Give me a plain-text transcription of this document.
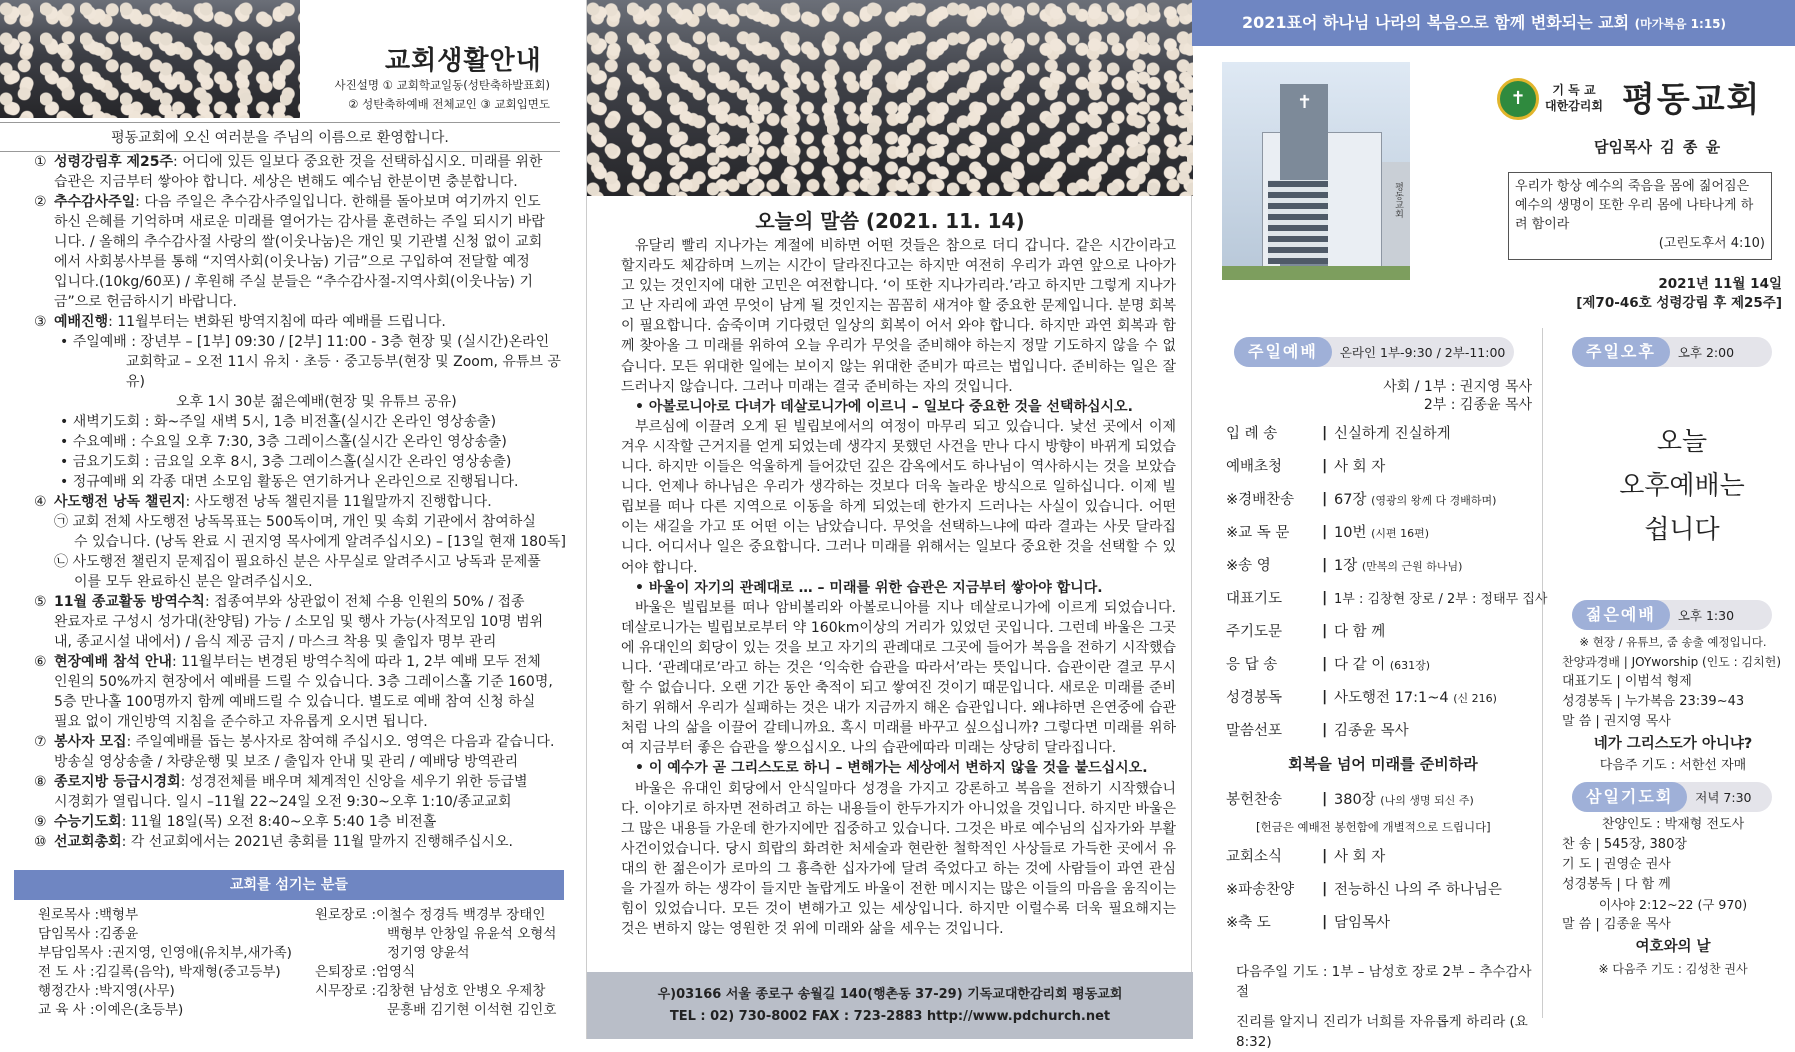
교회생활안내
사진설명 ① 교회학교일동(성탄축하발표회)
② 성탄축하예배 전체교인 ③ 교회입면도
평동교회에 오신 여러분을 주님의 이름으로 환영합니다.
① 성령강림후 제25주: 어디에 있든 일보다 중요한 것을 선택하십시오. 미래를 위한
습관은 지금부터 쌓아야 합니다. 세상은 변해도 예수님 한분이면 충분합니다.
② 추수감사주일: 다음 주일은 추수감사주일입니다. 한해를 돌아보며 여기까지 인도
하신 은혜를 기억하며 새로운 미래를 열어가는 감사를 훈련하는 주일 되시기 바랍
니다. / 올해의 추수감사절 사랑의 쌀(이웃나눔)은 개인 및 기관별 신청 없이 교회
에서 사회봉사부를 통해 “지역사회(이웃나눔) 기금”으로 구입하여 전달할 예정
입니다.(10kg/60포) / 후원해 주실 분들은 “추수감사절-지역사회(이웃나눔) 기
금”으로 헌금하시기 바랍니다.
③ 예배진행: 11월부터는 변화된 방역지침에 따라 예배를 드립니다.
• 주일예배 : 장년부 – [1부] 09:30 / [2부] 11:00 - 3층 현장 및 (실시간)온라인
교회학교 – 오전 11시 유치 · 초등 · 중고등부(현장 및 Zoom, 유튜브 공유)
오후 1시 30분 젊은예배(현장 및 유튜브 공유)
• 새벽기도회 : 화~주일 새벽 5시, 1층 비전홀(실시간 온라인 영상송출)
• 수요예배 : 수요일 오후 7:30, 3층 그레이스홀(실시간 온라인 영상송출)
• 금요기도회 : 금요일 오후 8시, 3층 그레이스홀(실시간 온라인 영상송출)
• 정규예배 외 각종 대면 소모임 활동은 연기하거나 온라인으로 진행됩니다.
④ 사도행전 낭독 챌린지: 사도행전 낭독 챌린지를 11월말까지 진행합니다.
㉠ 교회 전체 사도행전 낭독목표는 500독이며, 개인 및 속회 기관에서 참여하실
수 있습니다. (낭독 완료 시 권지영 목사에게 알려주십시오) – [13일 현재 180독]
㉡ 사도행전 챌린지 문제집이 필요하신 분은 사무실로 알려주시고 낭독과 문제풀
이를 모두 완료하신 분은 알려주십시오.
⑤ 11월 종교활동 방역수칙: 접종여부와 상관없이 전체 수용 인원의 50% / 접종
완료자로 구성시 성가대(찬양팀) 가능 / 소모임 및 행사 가능(사적모임 10명 범위
내, 종교시설 내에서) / 음식 제공 금지 / 마스크 착용 및 출입자 명부 관리
⑥ 현장예배 참석 안내: 11월부터는 변경된 방역수칙에 따라 1, 2부 예배 모두 전체
인원의 50%까지 현장에서 예배를 드릴 수 있습니다. 3층 그레이스홀 기준 160명,
5층 만나홀 100명까지 함께 예배드릴 수 있습니다. 별도로 예배 참여 신청 하실
필요 없이 개인방역 지침을 준수하고 자유롭게 오시면 됩니다.
⑦ 봉사자 모집: 주일예배를 돕는 봉사자로 참여해 주십시오. 영역은 다음과 같습니다.
방송실 영상송출 / 차량운행 및 보조 / 출입자 안내 및 관리 / 예배당 방역관리
⑧ 종로지방 등급시경회: 성경전체를 배우며 체계적인 신앙을 세우기 위한 등급별
시경회가 열립니다. 일시 –11월 22~24일 오전 9:30~오후 1:10/종교교회
⑨ 수능기도회: 11월 18일(목) 오전 8:40~오후 5:40 1층 비전홀
⑩ 선교회총회: 각 선교회에서는 2021년 총회를 11월 말까지 진행해주십시오.
교회를 섬기는 분들
원로목사 : 백형부
담임목사 : 김종윤
부담임목사 : 권지영, 인영애(유치부,새가족)
전 도 사 : 김길록(음악), 박재형(중고등부)
행정간사 : 박지영(사무)
교 육 사 : 이예은(초등부)
원로장로 : 이철수 정경득 백경부 장태인
백형부 안창일 유윤석 오형석
정기영 양윤석
은퇴장로 : 엄영식
시무장로 : 김창현 남성호 안병오 우제창
문흥배 김기현 이석현 김인호
오늘의 말씀 (2021. 11. 14)

유달리 빨리 지나가는 계절에 비하면 어떤 것들은 참으로 더디 갑니다. 같은 시간이라고 할지라도 체감하며 느끼는 시간이 달라진다고는 하지만 여전히 우리가 과연 앞으로 나아가고 있는 것인지에 대한 고민은 여전합니다. ‘이 또한 지나가리라.’라고 하지만 그렇게 지나가고 난 자리에 과연 무엇이 남게 될 것인지는 꼼꼼히 새겨야 할 중요한 문제입니다. 분명 회복이 필요합니다. 숨죽이며 기다렸던 일상의 회복이 어서 와야 합니다. 하지만 과연 회복과 함께 찾아올 그 미래를 위하여 오늘 우리가 무엇을 준비해야 하는지 정말 기도하지 않을 수 없습니다. 모든 위대한 일에는 보이지 않는 위대한 준비가 따르는 법입니다. 준비하는 일은 잘 드러나지 않습니다. 그러나 미래는 결국 준비하는 자의 것입니다.

• 아볼로니아로 다녀가 데살로니가에 이르니 – 일보다 중요한 것을 선택하십시오.

부르심에 이끌려 오게 된 빌립보에서의 여정이 마무리 되고 있습니다. 낯선 곳에서 이제 겨우 시작할 근거지를 얻게 되었는데 생각지 못했던 사건을 만나 다시 방향이 바뀌게 되었습니다. 하지만 이들은 억울하게 들어갔던 깊은 감옥에서도 하나님이 역사하시는 것을 보았습니다. 언제나 하나님은 우리가 생각하는 것보다 더욱 놀라운 방식으로 일하십니다. 이제 빌립보를 떠나 다른 지역으로 이동을 하게 되었는데 한가지 드러나는 사실이 있습니다. 어떤 이는 새길을 가고 또 어떤 이는 남았습니다. 무엇을 선택하느냐에 따라 결과는 사뭇 달라집니다. 어디서나 일은 중요합니다. 그러나 미래를 위해서는 일보다 중요한 것을 선택할 수 있어야 합니다.

• 바울이 자기의 관례대로 … – 미래를 위한 습관은 지금부터 쌓아야 합니다.

바울은 빌립보를 떠나 암비볼리와 아볼로니아를 지나 데살로니가에 이르게 되었습니다. 데살로니가는 빌립보로부터 약 160km이상의 거리가 있었던 곳입니다. 그런데 바울은 그곳에 유대인의 회당이 있는 것을 보고 자기의 관례대로 그곳에 들어가 복음을 전하기 시작했습니다. ‘관례대로’라고 하는 것은 ‘익숙한 습관을 따라서’라는 뜻입니다. 습관이란 결코 무시할 수 없습니다. 오랜 기간 동안 축적이 되고 쌓여진 것이기 때문입니다. 새로운 미래를 준비하기 위해서 우리가 실패하는 것은 내가 지금까지 해온 습관입니다. 왜냐하면 은연중에 습관처럼 나의 삶을 이끌어 갈테니까요. 혹시 미래를 바꾸고 싶으십니까? 그렇다면 미래를 위하여 지금부터 좋은 습관을 쌓으십시오. 나의 습관에따라 미래는 상당히 달라집니다.

• 이 예수가 곧 그리스도로 하니 – 변해가는 세상에서 변하지 않을 것을 붙드십시오.

바울은 유대인 회당에서 안식일마다 성경을 가지고 강론하고 복음을 전하기 시작했습니다. 이야기로 하자면 전하려고 하는 내용들이 한두가지가 아니었을 것입니다. 하지만 바울은 그 많은 내용들 가운데 한가지에만 집중하고 있습니다. 그것은 바로 예수님의 십자가와 부활 사건이었습니다. 당시 희랍의 화려한 처세술과 현란한 철학적인 사상들로 가득한 곳에서 유대의 한 젊은이가 로마의 그 흉측한 십자가에 달려 죽었다고 하는 것에 사람들이 과연 관심을 가질까 하는 생각이 들지만 놀랍게도 바울이 전한 메시지는 많은 이들의 마음을 움직이는 힘이 있었습니다. 모든 것이 변해가고 있는 세상입니다. 하지만 이럴수록 더욱 필요해지는 것은 변하지 않는 영원한 것 위에 미래와 삶을 세우는 것입니다.

우)03166 서울 종로구 송월길 140(행촌동 37-29) 기독교대한감리회 평동교회
TEL : 02) 730-8002 FAX : 723-2883 http://www.pdchurch.net
2021표어 하나님 나라의 복음으로 함께 변화되는 교회 (마가복음 1:15)
✝
평동교회
✝	기 독 교
대한감리회 평동교회
담임목사 김 종 윤
우리가 항상 예수의 죽음을 몸에 짊어짐은 예수의 생명이 또한 우리 몸에 나타나게 하려 함이라
(고린도후서 4:10)
2021년 11월 14일
[제70-46호 성령강림 후 제25주]
주일예배 온라인 1부-9:30 / 2부-11:00
사회 / 1부 : 권지영 목사
2부 : 김종윤 목사
입 례 송	| 신실하게 진실하게
예배초청	| 사 회 자
※경배찬송	| 67장 (영광의 왕께 다 경배하며)
※교 독 문	| 10번 (시편 16편)
※송 영	| 1장 (만복의 근원 하나님)
대표기도	| 1부 : 김창현 장로 / 2부 : 정태무 집사
주기도문	| 다 함 께
응 답 송	| 다 같 이 (631장)
성경봉독	| 사도행전 17:1~4 (신 216)
말씀선포	| 김종윤 목사
회복을 넘어 미래를 준비하라
봉헌찬송	| 380장 (나의 생명 되신 주)
[헌금은 예배전 봉헌함에 개별적으로 드립니다]
교회소식	| 사 회 자
※파송찬양	| 전능하신 나의 주 하나님은
※축 도	| 담임목사
다음주일 기도 : 1부 – 남성호 장로 2부 – 추수감사절
진리를 알지니 진리가 너희를 자유롭게 하리라 (요 8:32)
주일오후 오후 2:00
오늘
오후예배는
쉽니다
젊은예배 오후 1:30
※ 현장 / 유튜브, 줌 송출 예정입니다.
찬양과경배 | JOYworship (인도 : 김치헌)
대표기도 | 이범석 형제
성경봉독 | 누가복음 23:39~43
말 씀 | 권지영 목사
네가 그리스도가 아니냐?
다음주 기도 : 서한선 자매
삼일기도회 저녁 7:30
찬양인도 : 박재형 전도사
찬 송 | 545장, 380장
기 도 | 권영순 권사
성경봉독 | 다 함 께
이사야 2:12~22 (구 970)
말 씀 | 김종윤 목사
여호와의 날
※ 다음주 기도 : 김성찬 권사
